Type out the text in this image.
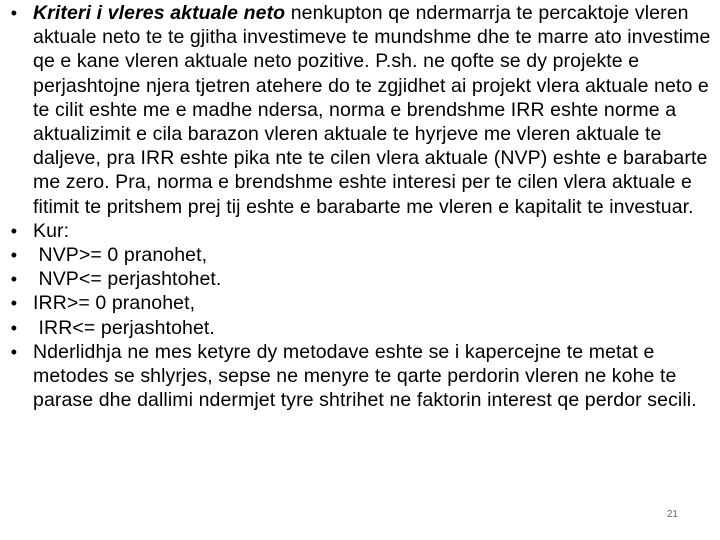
• Kriteri i vleres aktuale neto nenkupton qe ndermarrja te percaktoje vleren aktuale neto te te gjitha investimeve te mundshme dhe te marre ato investime qe e kane vleren aktuale neto pozitive. P.sh. ne qofte se dy projekte e perjashtojne njera tjetren atehere do te zgjidhet ai projekt vlera aktuale neto e te cilit eshte me e madhe ndersa, norma e brendshme IRR eshte norme a aktualizimit e cila barazon vleren aktuale te hyrjeve me vleren aktuale te daljeve, pra IRR eshte pika nte te cilen vlera aktuale (NVP) eshte e barabarte me zero. Pra, norma e brendshme eshte interesi per te cilen vlera aktuale e fitimit te pritshem prej tij eshte e barabarte me vleren e kapitalit te investuar.
• Kur:
• NVP>= 0 pranohet,
• NVP<= perjashtohet.
• IRR>= 0 pranohet,
• IRR<= perjashtohet.
• Nderlidhja ne mes ketyre dy metodave eshte se i kapercejne te metat e metodes se shlyrjes, sepse ne menyre te qarte perdorin vleren ne kohe te parase dhe dallimi ndermjet tyre shtrihet ne faktorin interest qe perdor secili.
21
